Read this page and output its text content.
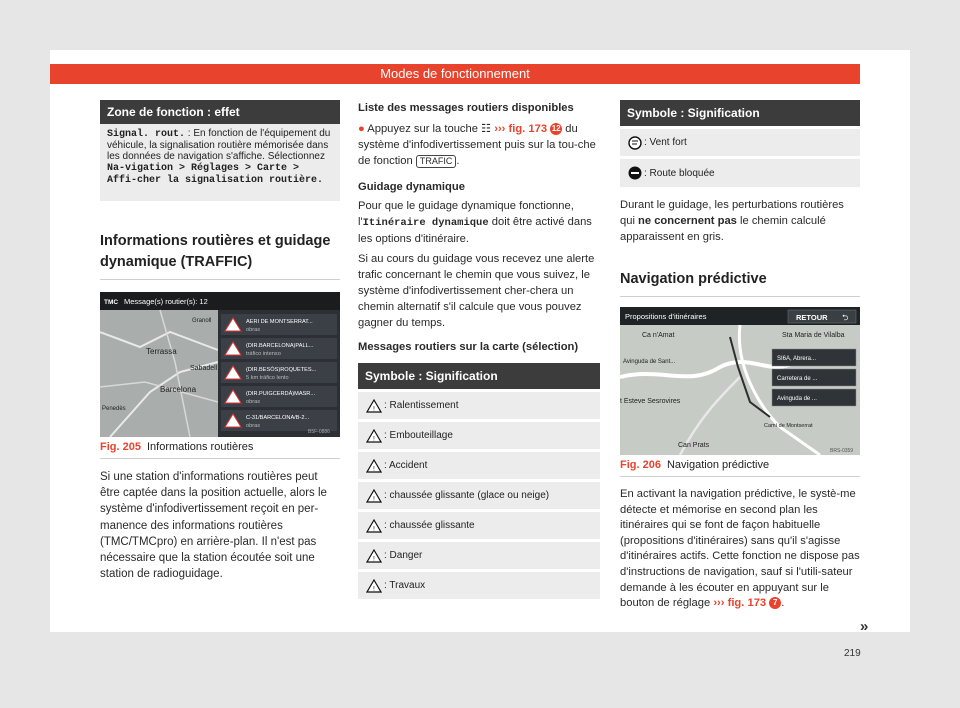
Modes de fonctionnement
Zone de fonction : effet
Signal. rout. : En fonction de l'équipement du véhicule, la signalisation routière mémorisée dans les données de navigation s'affiche. Sélectionnez Na-vigation > Réglages > Carte > Affi-cher la signalisation routière.
Informations routières et guidage dynamique (TRAFFIC)
TMC Message(s) routier(s): 12
Terrassa
Granoll
Sabadell
Barcelona
Penedès
AERI DE MONTSERRAT...
obras
(DIR.BARCELONA)PALL...
tráfico intenso
(DIR.BESÒS)ROQUETES...
5 km tráfico lento
(DIR.PUIGCERDÀ)MASR...
obras
C-31/BARCELONA/B-2...
obras
B5F-0886
Fig. 205 Informations routières
Si une station d'informations routières peut être captée dans la position actuelle, alors le système d'infodivertissement reçoit en per-manence des informations routières (TMC/TMCpro) en arrière-plan. Il n'est pas nécessaire que la station écoutée soit une station de radioguidage.
Liste des messages routiers disponibles
● Appuyez sur la touche ☷ ››› fig. 173 12 du système d'infodivertissement puis sur la tou-che de fonction TRAFIC .
Guidage dynamique
Pour que le guidage dynamique fonctionne, l'Itinéraire dynamique doit être activé dans les options d'itinéraire.
Si au cours du guidage vous recevez une alerte trafic concernant le chemin que vous suivez, le système d'infodivertissement cher-chera un chemin alternatif s'il calcule que vous pouvez gagner du temps.
Messages routiers sur la carte (sélection)
Symbole : Signification
! : Ralentissement
! : Embouteillage
! : Accident
! : chaussée glissante (glace ou neige)
! : chaussée glissante
! : Danger
! : Travaux
Symbole : Signification
: Vent fort
: Route bloquée
Durant le guidage, les perturbations routières qui ne concernent pas le chemin calculé apparaissent en gris.
Navigation prédictive
Propositions d'itinéraires	RETOUR ⮌
Ca n'Amat	Sta Maria de Vilalba
Avinguda de Sant...
t Esteve Sesrovires
Camí de Montserrat
Can Prats
SI6A, Abrera...
Carretera de ...
Avinguda de ...
BRS-0359
Fig. 206 Navigation prédictive
En activant la navigation prédictive, le systè-me détecte et mémorise en second plan les itinéraires qui se font de façon habituelle (propositions d'itinéraires) sans qu'il s'agisse d'itinéraires actifs. Cette fonction ne dispose pas d'instructions de navigation, sauf si l'utili-sateur demande à les écouter en appuyant sur le bouton de réglage ››› fig. 173 7 .
»
219
